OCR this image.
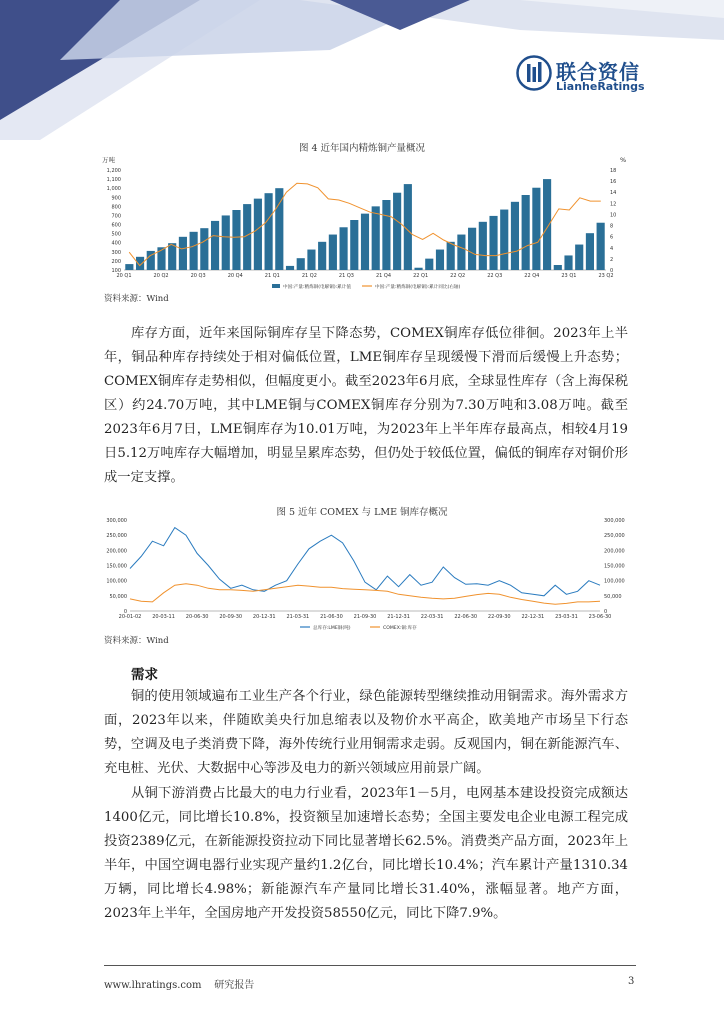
联合资信
LianheRatings
图 4 近年国内精炼铜产量概况
万吨	%
100
200
300
400
500
600
700
800
900
1,000
1,100
1,200
0
2
4
6
8
10
12
14
16
18
20 Q1	20 Q2	20 Q3	20 Q4	21 Q1	21 Q2	21 Q3	21 Q4	22 Q1	22 Q2	22 Q3	22 Q4	23 Q1	23 Q2
中国:产量:精炼铜(电解铜):累计值	中国:产量:精炼铜(电解铜):累计同比(右轴)
资料来源：Wind

库存方面，近年来国际铜库存呈下降态势，COMEX铜库存低位徘徊。2023年上半年，铜品种库存持续处于相对偏低位置，LME铜库存呈现缓慢下滑而后缓慢上升态势；COMEX铜库存走势相似，但幅度更小。截至2023年6月底，全球显性库存（含上海保税区）约24.70万吨，其中LME铜与COMEX铜库存分别为7.30万吨和3.08万吨。截至2023年6月7日，LME铜库存为10.01万吨，为2023年上半年库存最高点，相较4月19日5.12万吨库存大幅增加，明显呈累库态势，但仍处于较低位置，偏低的铜库存对铜价形成一定支撑。

图 5 近年 COMEX 与 LME 铜库存概况
0
50,000
100,000
150,000
200,000
250,000
300,000
0
50,000
100,000
150,000
200,000
250,000
300,000
20-01-02 20-03-11 20-06-30 20-09-30 20-12-31 21-03-31 21-06-30 21-09-30 21-12-31 22-03-31 22-06-30 22-09-30 22-12-31 23-03-31 23-06-30
总库存:LME铜(吨)	COMEX:铜:库存
资料来源：Wind
需求

铜的使用领域遍布工业生产各个行业，绿色能源转型继续推动用铜需求。海外需求方面，2023年以来，伴随欧美央行加息缩表以及物价水平高企，欧美地产市场呈下行态势，空调及电子类消费下降，海外传统行业用铜需求走弱。反观国内，铜在新能源汽车、充电桩、光伏、大数据中心等涉及电力的新兴领域应用前景广阔。

从铜下游消费占比最大的电力行业看，2023年1－5月，电网基本建设投资完成额达1400亿元，同比增长10.8%，投资额呈加速增长态势；全国主要发电企业电源工程完成投资2389亿元，在新能源投资拉动下同比显著增长62.5%。消费类产品方面，2023年上半年，中国空调电器行业实现产量约1.2亿台，同比增长10.4%；汽车累计产量1310.34万辆，同比增长4.98%；新能源汽车产量同比增长31.40%，涨幅显著。地产方面，2023年上半年，全国房地产开发投资58550亿元，同比下降7.9%。

www.lhratings.com 研究报告	3
